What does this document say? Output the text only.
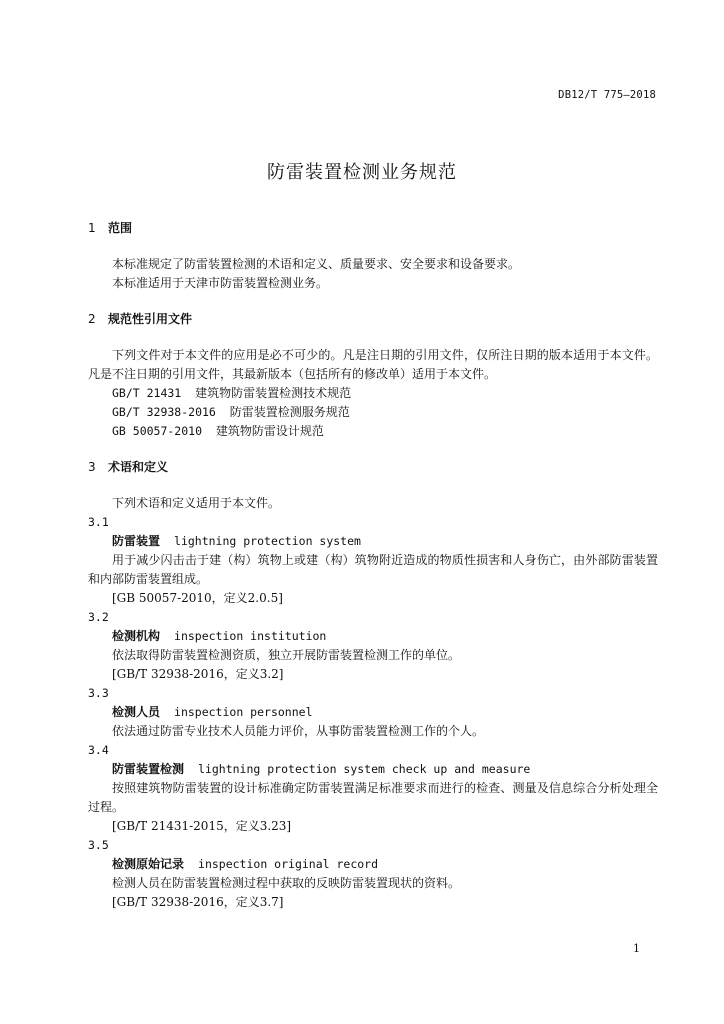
DB12/T 775—2018
防雷装置检测业务规范
1 范围
本标准规定了防雷装置检测的术语和定义、质量要求、安全要求和设备要求。
本标准适用于天津市防雷装置检测业务。
2 规范性引用文件
下列文件对于本文件的应用是必不可少的。凡是注日期的引用文件，仅所注日期的版本适用于本文件。凡是不注日期的引用文件，其最新版本（包括所有的修改单）适用于本文件。
GB/T 21431 建筑物防雷装置检测技术规范
GB/T 32938-2016 防雷装置检测服务规范
GB 50057-2010 建筑物防雷设计规范
3 术语和定义
下列术语和定义适用于本文件。
3.1
防雷装置 lightning protection system
用于减少闪击击于建（构）筑物上或建（构）筑物附近造成的物质性损害和人身伤亡，由外部防雷装置和内部防雷装置组成。
[GB 50057-2010，定义2.0.5]
3.2
检测机构 inspection institution
依法取得防雷装置检测资质，独立开展防雷装置检测工作的单位。
[GB/T 32938-2016，定义3.2]
3.3
检测人员 inspection personnel
依法通过防雷专业技术人员能力评价，从事防雷装置检测工作的个人。
3.4
防雷装置检测 lightning protection system check up and measure
按照建筑物防雷装置的设计标准确定防雷装置满足标准要求而进行的检查、测量及信息综合分析处理全过程。
[GB/T 21431-2015，定义3.23]
3.5
检测原始记录 inspection original record
检测人员在防雷装置检测过程中获取的反映防雷装置现状的资料。
[GB/T 32938-2016，定义3.7]
1
